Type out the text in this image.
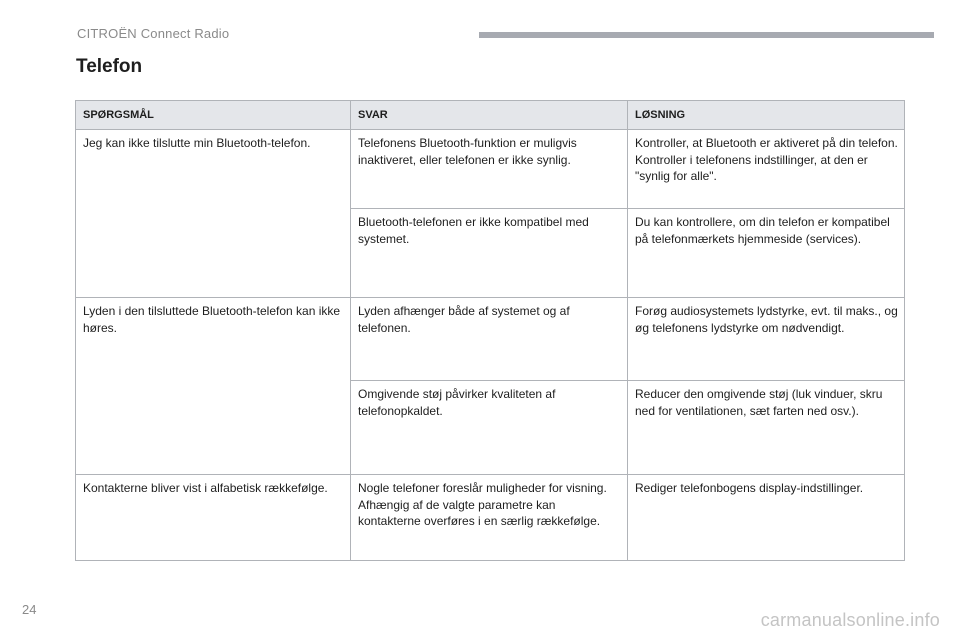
CITROËN Connect Radio
Telefon
SPØRGSMÅL	SVAR	LØSNING
Jeg kan ikke tilslutte min Bluetooth-telefon.	Telefonens Bluetooth-funktion er muligvis inaktiveret, eller telefonen er ikke synlig.	Kontroller, at Bluetooth er aktiveret på din telefon.
Kontroller i telefonens indstillinger, at den er "synlig for alle".

	Bluetooth-telefonen er ikke kompatibel med systemet.	Du kan kontrollere, om din telefon er kompatibel på telefonmærkets hjemmeside (services).

Lyden i den tilsluttede Bluetooth-telefon kan ikke høres.	Lyden afhænger både af systemet og af telefonen.	Forøg audiosystemets lydstyrke, evt. til maks., og øg telefonens lydstyrke om nødvendigt.

	Omgivende støj påvirker kvaliteten af telefonopkaldet.	Reducer den omgivende støj (luk vinduer, skru ned for ventilationen, sæt farten ned osv.).

Kontakterne bliver vist i alfabetisk rækkefølge.	Nogle telefoner foreslår muligheder for visning. Afhængig af de valgte parametre kan kontakterne overføres i en særlig rækkefølge.	Rediger telefonbogens display-indstillinger.
24
carmanualsonline.info
